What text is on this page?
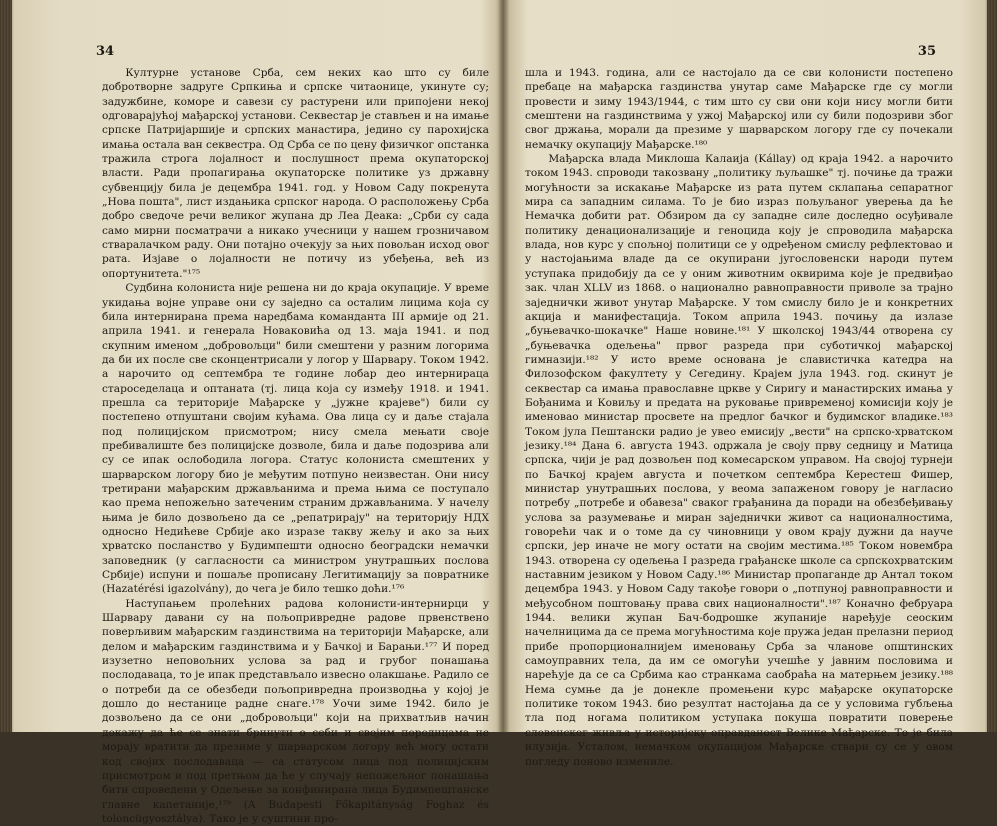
34

Културне установе Срба, сем неких као што су биле добротворне задруге Српкиња и српске читаонице, укинуте су; задужбине, коморе и савези су растурени или припојени некој одговарајућој мађарској установи. Секвестар је стављен и на имање српске Патријаршије и српских манастира, једино су парохијска имања остала ван секвестра. Од Срба се по цену физичког опстанка тражила строга лојалност и послушност према окупаторској власти. Ради пропагирања окупаторске политике уз државну субвенцију била је децембра 1941. год. у Новом Саду покренута „Нова пошта", лист издањика српског народа. О расположењу Срба добро сведоче речи великог жупана др Леа Деака: „Срби су сада само мирни посматрачи а никако учесници у нашем грозничавом стваралачком раду. Они потајно очекују за њих повољан исход овог рата. Изјаве о лојалности не потичу из убеђења, већ из опортунитета."¹⁷⁵

Судбина колониста није решена ни до краја окупације. У време укидања војне управе они су заједно са осталим лицима која су била интернирана према наредбама команданта III армије од 21. априла 1941. и генерала Новаковића од 13. маја 1941. и под скупним именом „добровољци" били смештени у разним логорима да би их после све сконцентрисали у логор у Шарвару. Током 1942. а нарочито од септембра те године лобар део интернираца староседелаца и оптаната (тј. лица која су између 1918. и 1941. прешла са територије Мађарске у „јужне крајеве") били су постепено отпуштани својим кућама. Ова лица су и даље стајала под полицијском присмотром; нису смела мењати своје пребивалиште без полицијске дозволе, била и даље подозрива али су се ипак ослободила логора. Статус колониста смештених у шарварском логору био је међутим потпуно неизвестан. Они нису третирани мађарским држављанима и према њима се поступало као према непожељно затеченим страним држављанима. У начелу њима је било дозвољено да се „репатрирају" на територију НДХ односно Недићеве Србије ако изразе такву жељу и ако за њих хрватско посланство у Будимпешти односно београдски немачки заповедник (у сагласности са министром унутрашњих послова Србије) испуни и пошаље прописану Легитимацију за повратнике (Hazatérési igazolvány), до чега је било тешко доћи.¹⁷⁶

Наступањем пролећних радова колонисти-интернирци у Шарвару давани су на пољопривредне радове првенствено поверљивим мађарским газдинствима на територији Мађарске, али делом и мађарским газдинствима и у Бачкој и Барањи.¹⁷⁷ И поред изузетно неповољних услова за рад и грубог понашања послодаваца, то је ипак представљало извесно олакшање. Радило се о потреби да се обезбеди пољопривредна производња у којој је дошло до нестанице радне снаге.¹⁷⁸ Уочи зиме 1942. било је дозвољено да се они „добровољци" који на прихватљив начин докажу да ће се знати бринути о себи и својим породицама не морају вратити да презиме у шарварском логору већ могу остати код својих послодаваца — са статусом лица под полицијским присмотром и под претњом да ће у случају непожељног понашања бити спроведени у Одељење за конфинирана лица Будимпештанске главне капетаније,¹⁷⁹ (A Budapesti Főkapitányság Foghaz és toloncügyosztálya). Тако је у суштини про-

35

шла и 1943. година, али се настојало да се сви колонисти постепено пребаце на мађарска газдинства унутар саме Мађарске где су могли провести и зиму 1943/1944, с тим што су сви они који нису могли бити смештени на газдинствима у ужој Мађарској или су били подозриви због свог држања, морали да презиме у шарварском логору где су почекали немачку окупацију Мађарске.¹⁸⁰

Мађарска влада Миклоша Калаија (Kállay) од краја 1942. а нарочито током 1943. спроводи такозвану „политику љуљашке" тј. почиње да тражи могућности за искакање Мађарске из рата путем склапања сепаратног мира са западним силама. То је био израз пољуљаног уверења да ће Немачка добити рат. Обзиром да су западне силе доследно осуђивале политику денационализације и геноцида коју је спроводила мађарска влада, нов курс у спољној политици се у одређеном смислу рефлектовао и у настојањима владе да се окупирани југословенски народи путем уступака придобију да се у оним животним оквирима које је предвиђао зак. члан XLLV из 1868. о национално равноправности приволе за трајно заједнички живот унутар Мађарске. У том смислу било је и конкретних акција и манифестација. Током априла 1943. почињу да излазе „буњевачко-шокачке" Наше новине.¹⁸¹ У школској 1943/44 отворена су „буњевачка одељења" првог разреда при суботичкој мађарској гимназији.¹⁸² У исто време основана је славистичка катедра на Филозофском факултету у Сегедину. Крајем јула 1943. год. скинут је секвестар са имања православне цркве у Сиригу и манастирских имања у Бођанима и Ковиљу и предата на руковање привременој комисији коју је именовао министар просвете на предлог бачког и будимског владике.¹⁸³ Током јула Пештански радио је увео емисију „вести" на српско-хрватском језику.¹⁸⁴ Дана 6. августа 1943. одржала је своју прву седницу и Матица српска, чији је рад дозвољен под комесарском управом. На својој турнеји по Бачкој крајем августа и почетком септембра Керестеш Фишер, министар унутрашњих послова, у веома запаженом говору је нагласио потребу „потребе и обавеза" сваког грађанина да поради на обезбеђивању услова за разумевање и миран заједнички живот са националностима, говорећи чак и о томе да су чиновници у овом крају дужни да науче српски, јер иначе не могу остати на својим местима.¹⁸⁵ Током новембра 1943. отворена су одељења I разреда грађанске школе са српскохрватским наставним језиком у Новом Саду.¹⁸⁶ Министар пропаганде др Антал током децембра 1943. у Новом Саду такође говори о „потпуној равноправности и међусобном поштовању права свих националности".¹⁸⁷ Коначно фебруара 1944. велики жупан Бач-бодрошке жупаније наређује сеоским начелницима да се према могућностима које пружа један прелазни период прибе пропорционалнијем именовању Срба за чланове општинских самоуправних тела, да им се омогући учешће у јавним пословима и нарећује да се са Србима као странкама саобраћа на матерњем језику.¹⁸⁸ Нема сумње да је донекле промењени курс мађарске окупаторске политике током 1943. био резултат настојања да се у условима губљења тла под ногама политиком уступака покуша повратити поверење словенског живља у историјску оправданост Велике Мађарске. То је била илузија. Усталом, немачком окупацијом Мађарске ствари су се у овом погледу поново изменилe.
